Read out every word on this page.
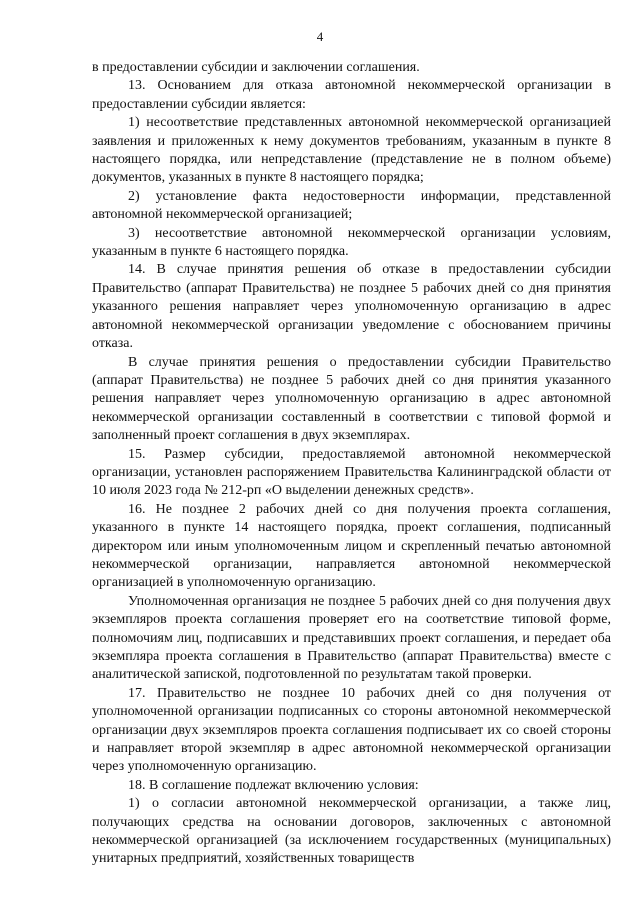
4

в предоставлении субсидии и заключении соглашения.

13. Основанием для отказа автономной некоммерческой организации в предоставлении субсидии является:

1) несоответствие представленных автономной некоммерческой организацией заявления и приложенных к нему документов требованиям, указанным в пункте 8 настоящего порядка, или непредставление (представление не в полном объеме) документов, указанных в пункте 8 настоящего порядка;

2) установление факта недостоверности информации, представленной автономной некоммерческой организацией;

3) несоответствие автономной некоммерческой организации условиям, указанным в пункте 6 настоящего порядка.

14. В случае принятия решения об отказе в предоставлении субсидии Правительство (аппарат Правительства) не позднее 5 рабочих дней со дня принятия указанного решения направляет через уполномоченную организацию в адрес автономной некоммерческой организации уведомление с обоснованием причины отказа.

В случае принятия решения о предоставлении субсидии Правительство (аппарат Правительства) не позднее 5 рабочих дней со дня принятия указанного решения направляет через уполномоченную организацию в адрес автономной некоммерческой организации составленный в соответствии с типовой формой и заполненный проект соглашения в двух экземплярах.

15. Размер субсидии, предоставляемой автономной некоммерческой организации, установлен распоряжением Правительства Калининградской области от 10 июля 2023 года № 212-рп «О выделении денежных средств».

16. Не позднее 2 рабочих дней со дня получения проекта соглашения, указанного в пункте 14 настоящего порядка, проект соглашения, подписанный директором или иным уполномоченным лицом и скрепленный печатью автономной некоммерческой организации, направляется автономной некоммерческой организацией в уполномоченную организацию.

Уполномоченная организация не позднее 5 рабочих дней со дня получения двух экземпляров проекта соглашения проверяет его на соответствие типовой форме, полномочиям лиц, подписавших и представивших проект соглашения, и передает оба экземпляра проекта соглашения в Правительство (аппарат Правительства) вместе с аналитической запиской, подготовленной по результатам такой проверки.

17. Правительство не позднее 10 рабочих дней со дня получения от уполномоченной организации подписанных со стороны автономной некоммерческой организации двух экземпляров проекта соглашения подписывает их со своей стороны и направляет второй экземпляр в адрес автономной некоммерческой организации через уполномоченную организацию.

18. В соглашение подлежат включению условия:

1) о согласии автономной некоммерческой организации, а также лиц, получающих средства на основании договоров, заключенных с автономной некоммерческой организацией (за исключением государственных (муниципальных) унитарных предприятий, хозяйственных товариществ
